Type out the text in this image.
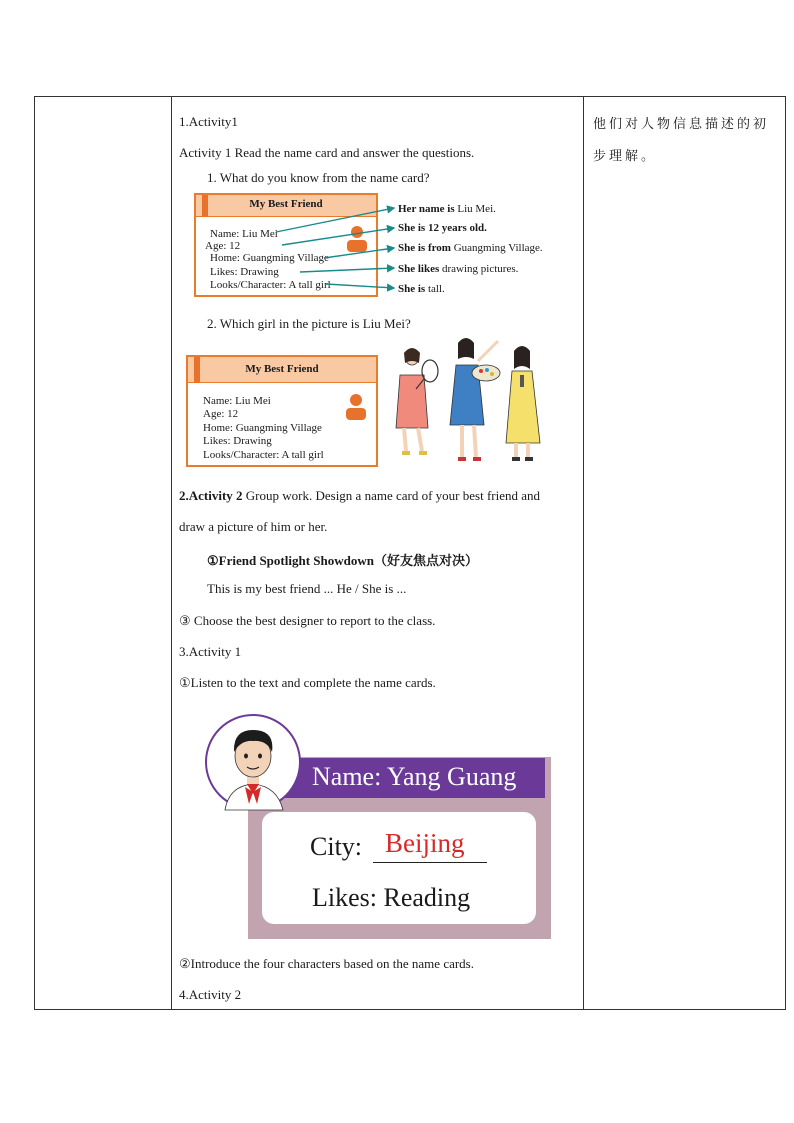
1.Activity1
Activity 1 Read the name card and answer the questions.
1. What do you know from the name card?
My Best Friend
Name: Liu Mei
Age: 12
Home: Guangming Village
Likes: Drawing
Looks/Character: A tall girl
Her name is Liu Mei.
She is 12 years old.
She is from Guangming Village.
She likes drawing pictures.
She is tall.
2. Which girl in the picture is Liu Mei?
My Best Friend
Name: Liu Mei
Age: 12
Home: Guangming Village
Likes: Drawing
Looks/Character: A tall girl
2.Activity 2 Group work. Design a name card of your best friend and
draw a picture of him or her.
①Friend Spotlight Showdown（好友焦点对决）
This is my best friend ... He / She is ...
③ Choose the best designer to report to the class.
3.Activity 1
①Listen to the text and complete the name cards.
Name: Yang Guang
City: Beijing
Likes: Reading
②Introduce the four characters based on the name cards.
4.Activity 2
他们对人物信息描述的初
步理解。
